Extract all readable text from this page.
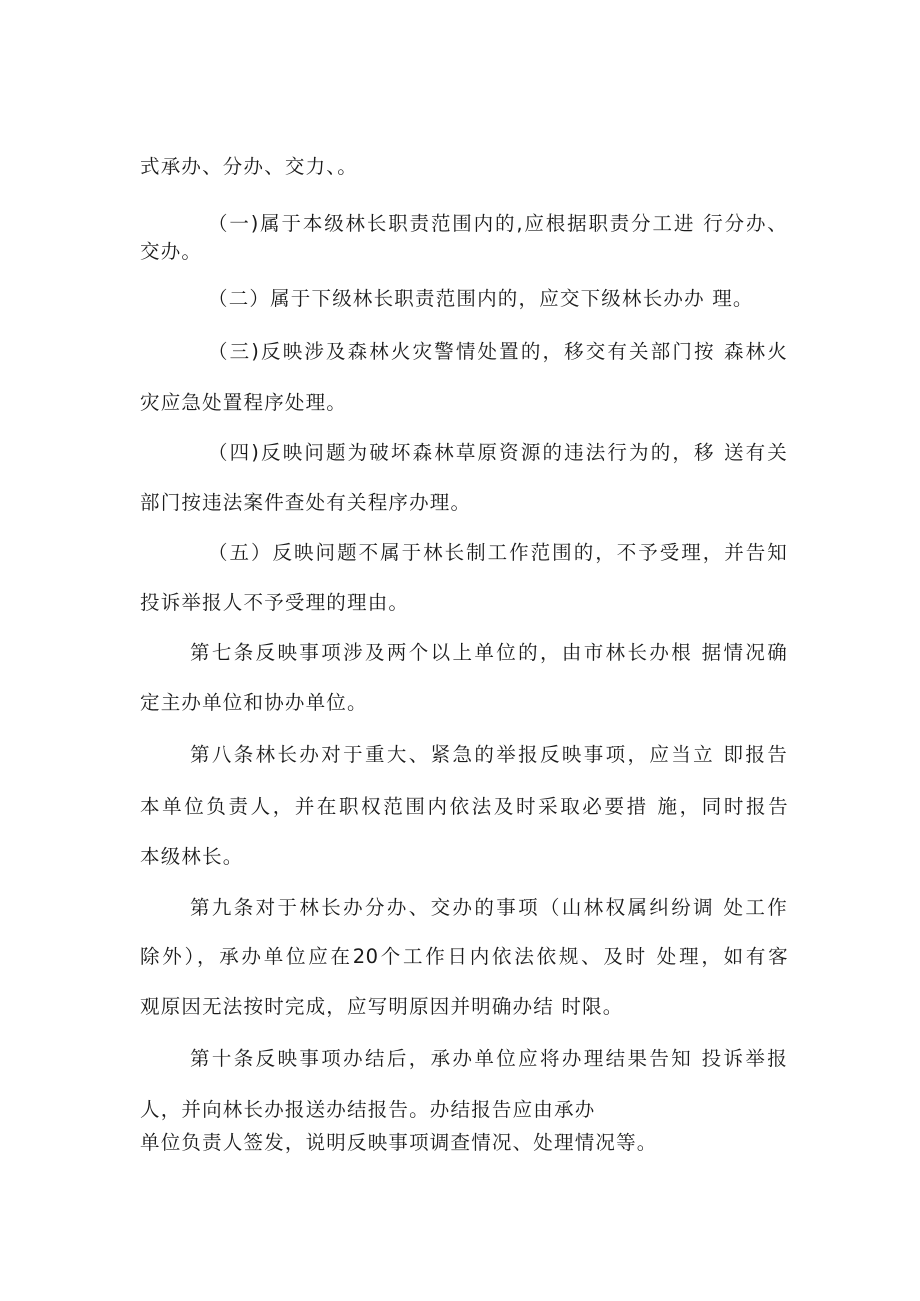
式承办、分办、交力、。
（一)属于本级林长职责范围内的,应根据职责分工进 行分办、
交办。
（二）属于下级林长职责范围内的，应交下级林长办办 理。
（三)反映涉及森林火灾警情处置的，移交有关部门按 森林火
灾应急处置程序处理。
（四)反映问题为破坏森林草原资源的违法行为的，移 送有关
部门按违法案件查处有关程序办理。
（五）反映问题不属于林长制工作范围的，不予受理，并告知
投诉举报人不予受理的理由。
第七条反映事项涉及两个以上单位的，由市林长办根 据情况确
定主办单位和协办单位。
第八条林长办对于重大、紧急的举报反映事项，应当立 即报告
本单位负责人，并在职权范围内依法及时采取必要措 施，同时报告
本级林长。
第九条对于林长办分办、交办的事项（山林权属纠纷调 处工作
除外），承办单位应在20个工作日内依法依规、及时 处理，如有客
观原因无法按时完成，应写明原因并明确办结 时限。
第十条反映事项办结后，承办单位应将办理结果告知 投诉举报
人，并向林长办报送办结报告。办结报告应由承办
单位负责人签发，说明反映事项调查情况、处理情况等。
